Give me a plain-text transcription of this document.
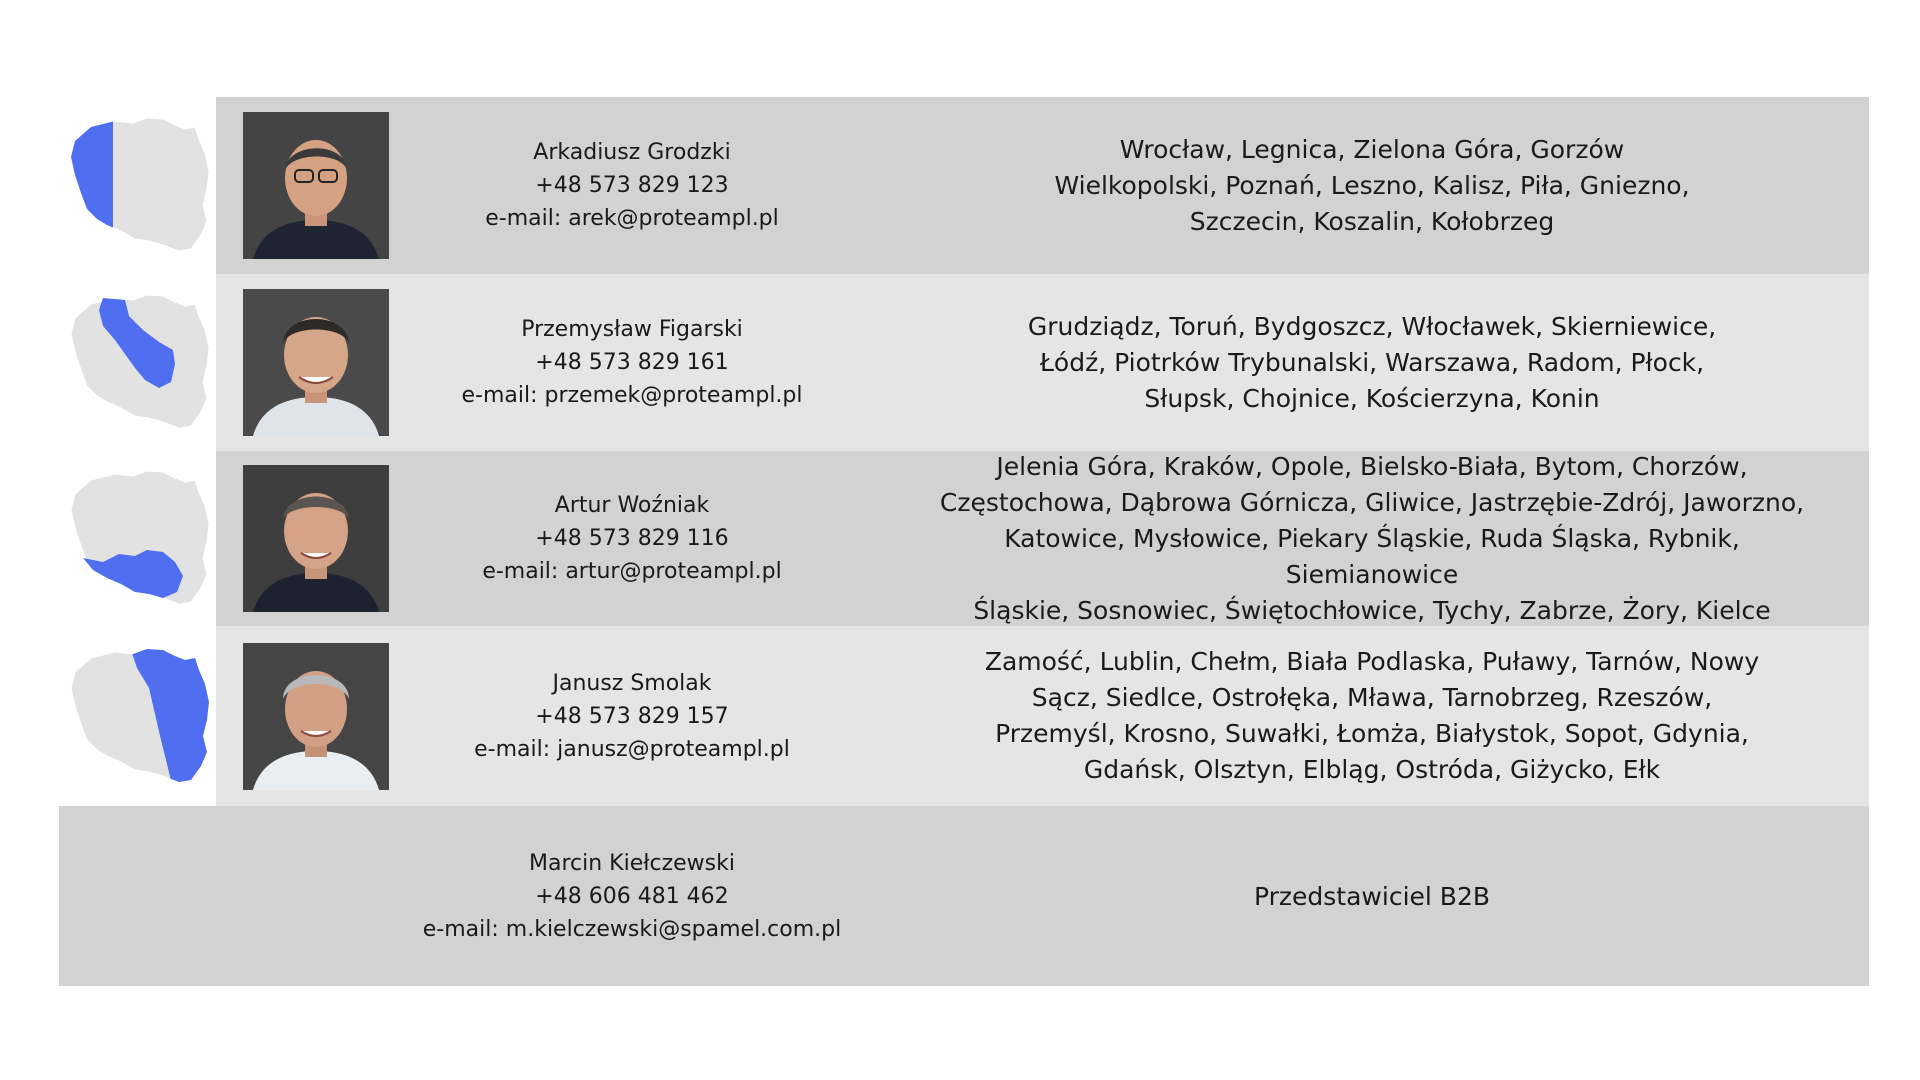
Arkadiusz Grodzki
+48 573 829 123
e-mail: arek@proteampl.pl
Wrocław, Legnica, Zielona Góra, Gorzów
Wielkopolski, Poznań, Leszno, Kalisz, Piła, Gniezno,
Szczecin, Koszalin, Kołobrzeg
Przemysław Figarski
+48 573 829 161
e-mail: przemek@proteampl.pl
Grudziądz, Toruń, Bydgoszcz, Włocławek, Skierniewice,
Łódź, Piotrków Trybunalski, Warszawa, Radom, Płock,
Słupsk, Chojnice, Kościerzyna, Konin
Artur Woźniak
+48 573 829 116
e-mail: artur@proteampl.pl
Jelenia Góra, Kraków, Opole, Bielsko-Biała, Bytom, Chorzów,
Częstochowa, Dąbrowa Górnicza, Gliwice, Jastrzębie-Zdrój, Jaworzno,
Katowice, Mysłowice, Piekary Śląskie, Ruda Śląska, Rybnik, Siemianowice
Śląskie, Sosnowiec, Świętochłowice, Tychy, Zabrze, Żory, Kielce
Janusz Smolak
+48 573 829 157
e-mail: janusz@proteampl.pl
Zamość, Lublin, Chełm, Biała Podlaska, Puławy, Tarnów, Nowy
Sącz, Siedlce, Ostrołęka, Mława, Tarnobrzeg, Rzeszów,
Przemyśl, Krosno, Suwałki, Łomża, Białystok, Sopot, Gdynia,
Gdańsk, Olsztyn, Elbląg, Ostróda, Giżycko, Ełk
Marcin Kiełczewski
+48 606 481 462
e-mail: m.kielczewski@spamel.com.pl
Przedstawiciel B2B
